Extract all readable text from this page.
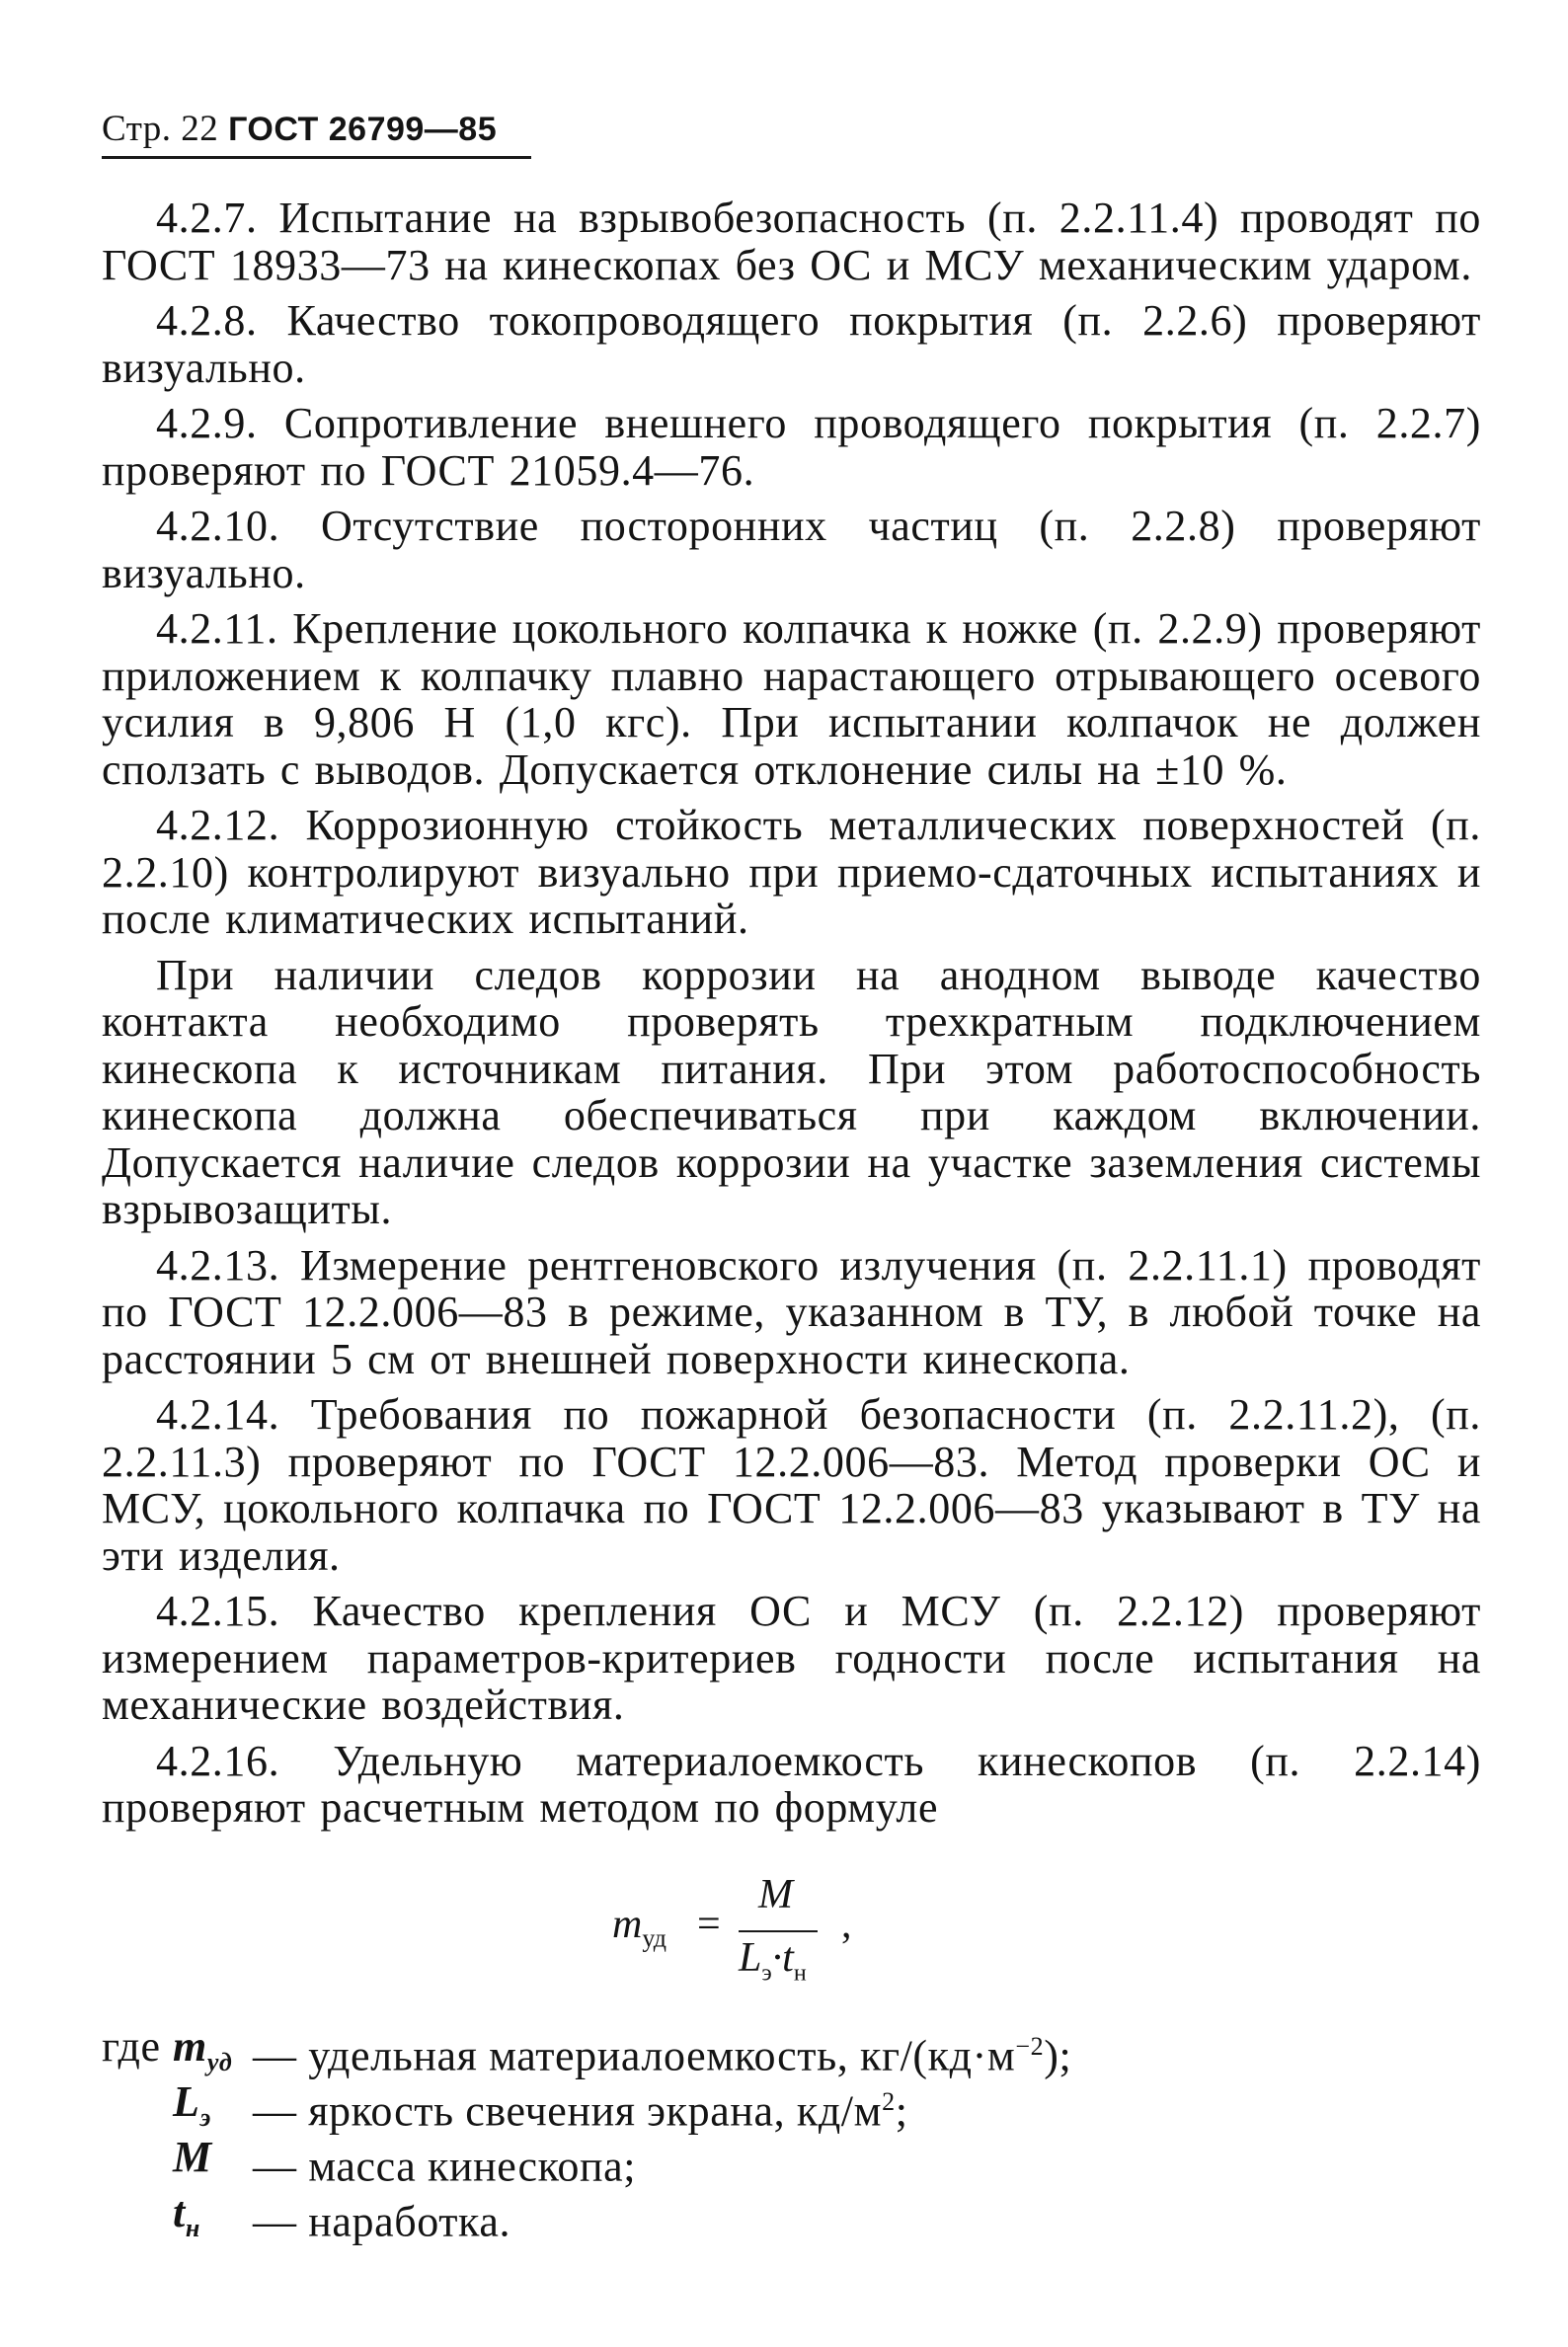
Стр. 22 ГОСТ 26799—85

4.2.7. Испытание на взрывобезопасность (п. 2.2.11.4) проводят по ГОСТ 18933—73 на кинескопах без ОС и МСУ механическим ударом.

4.2.8. Качество токопроводящего покрытия (п. 2.2.6) проверяют визуально.

4.2.9. Сопротивление внешнего проводящего покрытия (п. 2.2.7) проверяют по ГОСТ 21059.4—76.

4.2.10. Отсутствие посторонних частиц (п. 2.2.8) проверяют визуально.

4.2.11. Крепление цокольного колпачка к ножке (п. 2.2.9) проверяют приложением к колпачку плавно нарастающего отрывающего осевого усилия в 9,806 Н (1,0 кгс). При испытании колпачок не должен сползать с выводов. Допускается отклонение силы на ±10 %.

4.2.12. Коррозионную стойкость металлических поверхностей (п. 2.2.10) контролируют визуально при приемо-сдаточных испытаниях и после климатических испытаний.

При наличии следов коррозии на анодном выводе качество контакта необходимо проверять трехкратным подключением кинескопа к источникам питания. При этом работоспособность кинескопа должна обеспечиваться при каждом включении. Допускается наличие следов коррозии на участке заземления системы взрывозащиты.

4.2.13. Измерение рентгеновского излучения (п. 2.2.11.1) проводят по ГОСТ 12.2.006—83 в режиме, указанном в ТУ, в любой точке на расстоянии 5 см от внешней поверхности кинескопа.

4.2.14. Требования по пожарной безопасности (п. 2.2.11.2), (п. 2.2.11.3) проверяют по ГОСТ 12.2.006—83. Метод проверки ОС и МСУ, цокольного колпачка по ГОСТ 12.2.006—83 указывают в ТУ на эти изделия.

4.2.15. Качество крепления ОС и МСУ (п. 2.2.12) проверяют измерением параметров-критериев годности после испытания на механические воздействия.

4.2.16. Удельную материалоемкость кинескопов (п. 2.2.14) проверяют расчетным методом по формуле

$m_{уд}$ =
M
$L_э\cdot t_н$
,
где $m_{уд}$ — удельная материалоемкость, $кг/(кд\cdot м^{-2})$;
$L_э$ — яркость свечения экрана, $кд/м^2$;
M — масса кинескопа;
$t_н$ — наработка.
